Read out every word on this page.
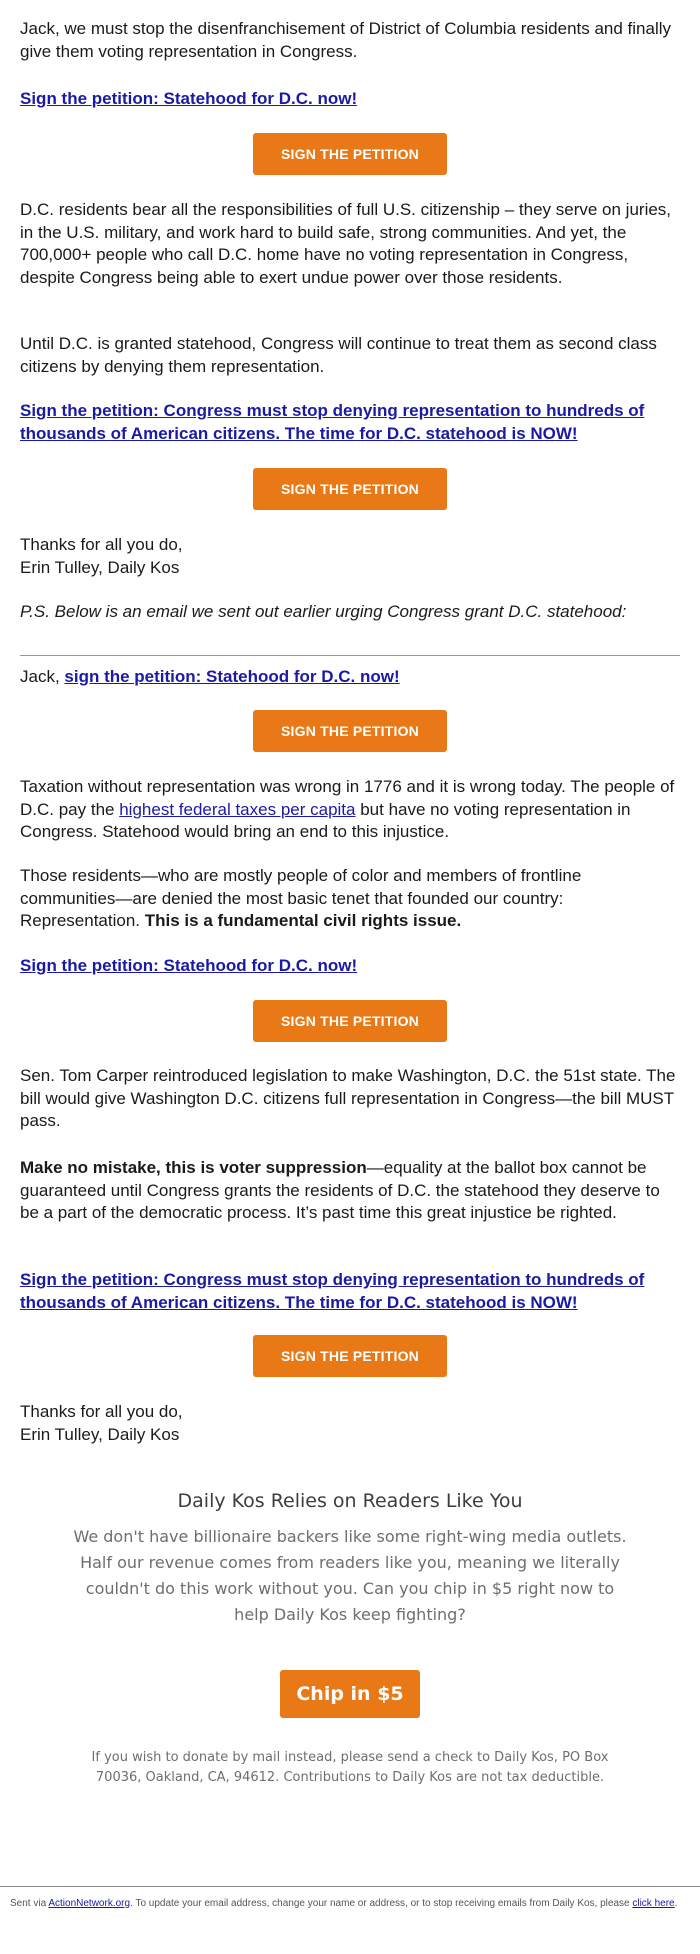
Jack, we must stop the disenfranchisement of District of Columbia residents and finally give them voting representation in Congress.

Sign the petition: Statehood for D.C. now!

SIGN THE PETITION

D.C. residents bear all the responsibilities of full U.S. citizenship – they serve on juries, in the U.S. military, and work hard to build safe, strong communities. And yet, the 700,000+ people who call D.C. home have no voting representation in Congress, despite Congress being able to exert undue power over those residents.

Until D.C. is granted statehood, Congress will continue to treat them as second class citizens by denying them representation.

Sign the petition: Congress must stop denying representation to hundreds of thousands of American citizens. The time for D.C. statehood is NOW!

SIGN THE PETITION

Thanks for all you do,
Erin Tulley, Daily Kos

P.S. Below is an email we sent out earlier urging Congress grant D.C. statehood:

Jack, sign the petition: Statehood for D.C. now!

SIGN THE PETITION

Taxation without representation was wrong in 1776 and it is wrong today. The people of D.C. pay the highest federal taxes per capita but have no voting representation in Congress. Statehood would bring an end to this injustice.

Those residents—who are mostly people of color and members of frontline communities—are denied the most basic tenet that founded our country: Representation. This is a fundamental civil rights issue.

Sign the petition: Statehood for D.C. now!

SIGN THE PETITION

Sen. Tom Carper reintroduced legislation to make Washington, D.C. the 51st state. The bill would give Washington D.C. citizens full representation in Congress—the bill MUST pass.

Make no mistake, this is voter suppression—equality at the ballot box cannot be guaranteed until Congress grants the residents of D.C. the statehood they deserve to be a part of the democratic process. It’s past time this great injustice be righted.

Sign the petition: Congress must stop denying representation to hundreds of thousands of American citizens. The time for D.C. statehood is NOW!

SIGN THE PETITION

Thanks for all you do,
Erin Tulley, Daily Kos

Daily Kos Relies on Readers Like You
We don't have billionaire backers like some right-wing media outlets. Half our revenue comes from readers like you, meaning we literally couldn't do this work without you. Can you chip in $5 right now to help Daily Kos keep fighting?
Chip in $5
If you wish to donate by mail instead, please send a check to Daily Kos, PO Box 70036, Oakland, CA, 94612. Contributions to Daily Kos are not tax deductible.
Sent via ActionNetwork.org. To update your email address, change your name or address, or to stop receiving emails from Daily Kos, please click here.
